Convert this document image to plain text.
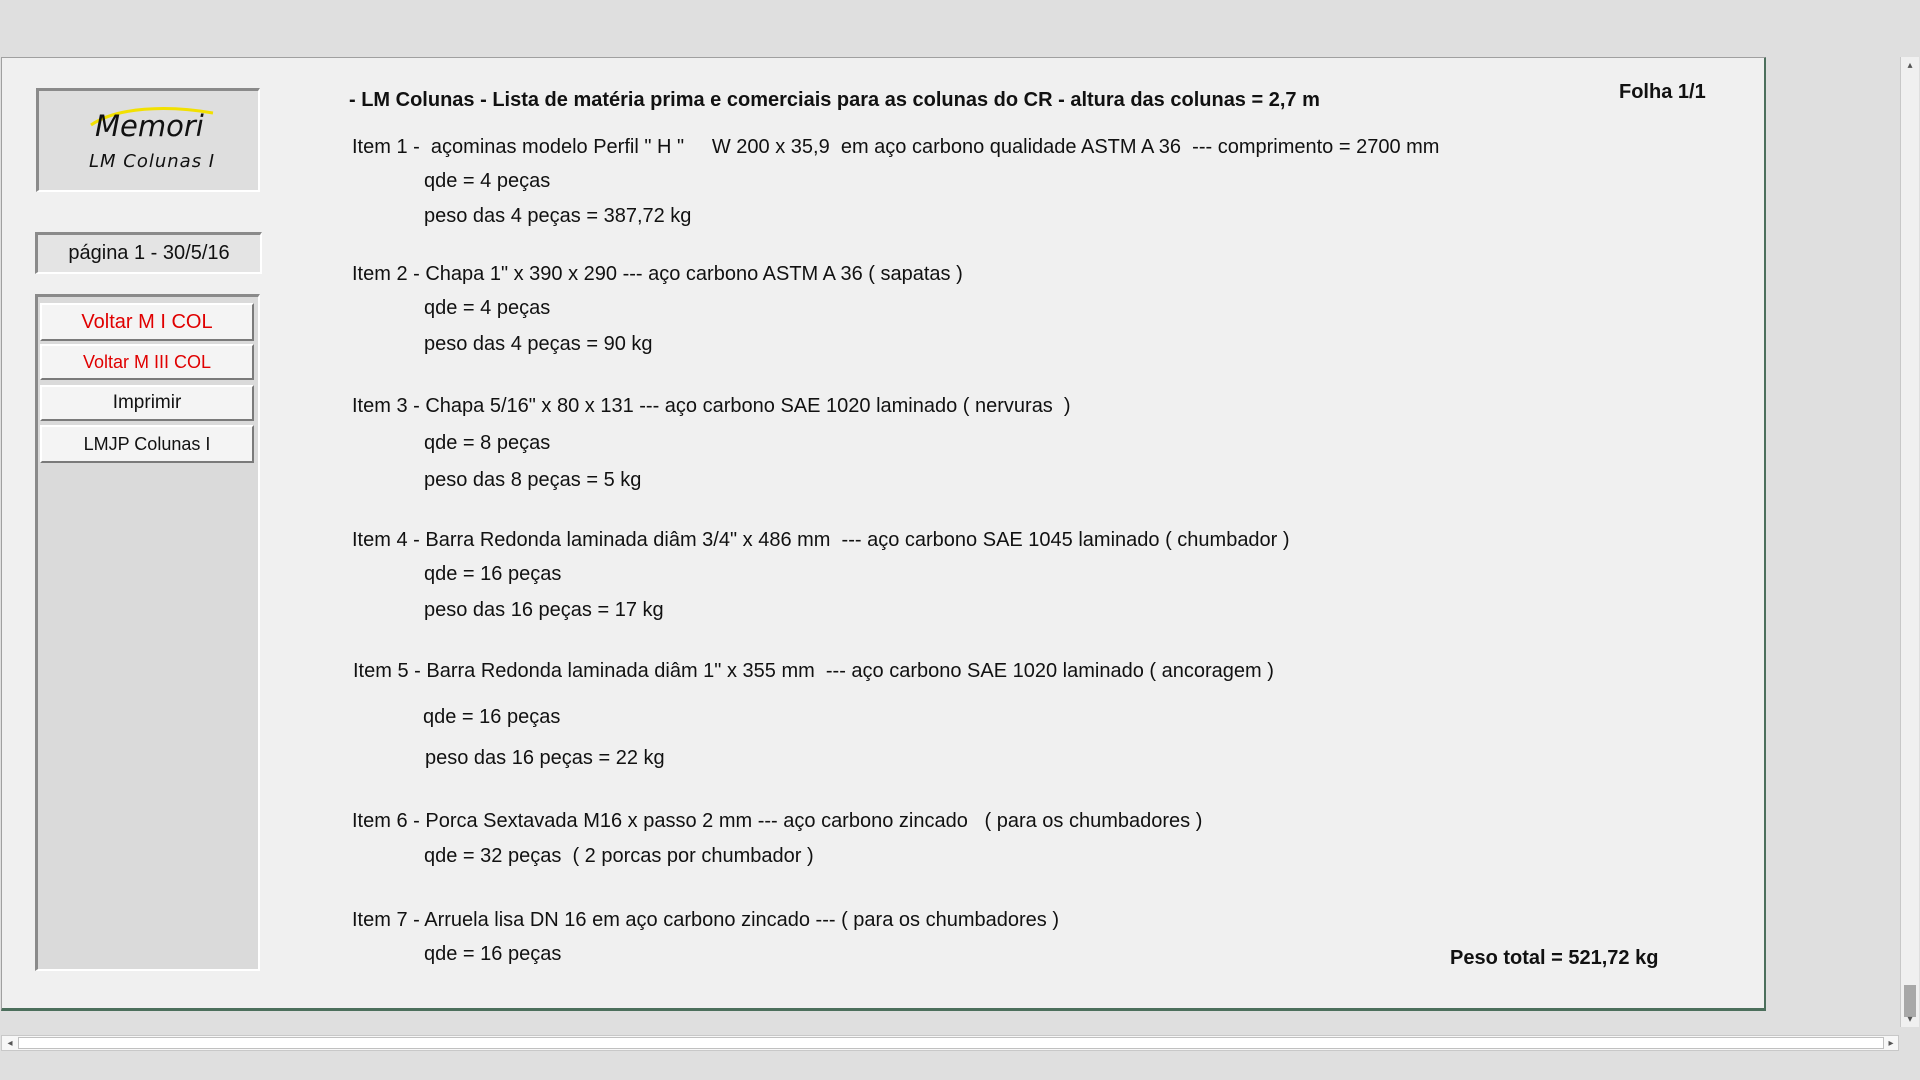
Memori
LM Colunas I
página 1 - 30/5/16
Voltar M I COL
Voltar M III COL
Imprimir
LMJP Colunas I
- LM Colunas - Lista de matéria prima e comerciais para as colunas do CR - altura das colunas = 2,7 m	Folha 1/1
Item 1 -  açominas modelo Perfil " H "     W 200 x 35,9  em aço carbono qualidade ASTM A 36  --- comprimento = 2700 mm
qde = 4 peças
peso das 4 peças = 387,72 kg
Item 2 - Chapa 1" x 390 x 290 --- aço carbono ASTM A 36 ( sapatas )
qde = 4 peças
peso das 4 peças = 90 kg
Item 3 - Chapa 5/16" x 80 x 131 --- aço carbono SAE 1020 laminado ( nervuras  )
qde = 8 peças
peso das 8 peças = 5 kg
Item 4 - Barra Redonda laminada diâm 3/4" x 486 mm  --- aço carbono SAE 1045 laminado ( chumbador )
qde = 16 peças
peso das 16 peças = 17 kg
Item 5 - Barra Redonda laminada diâm 1" x 355 mm  --- aço carbono SAE 1020 laminado ( ancoragem )
qde = 16 peças
peso das 16 peças = 22 kg
Item 6 - Porca Sextavada M16 x passo 2 mm --- aço carbono zincado   ( para os chumbadores )
qde = 32 peças  ( 2 porcas por chumbador )
Item 7 - Arruela lisa DN 16 em aço carbono zincado --- ( para os chumbadores )
qde = 16 peças	Peso total = 521,72 kg
▴
▾
◂	▸
